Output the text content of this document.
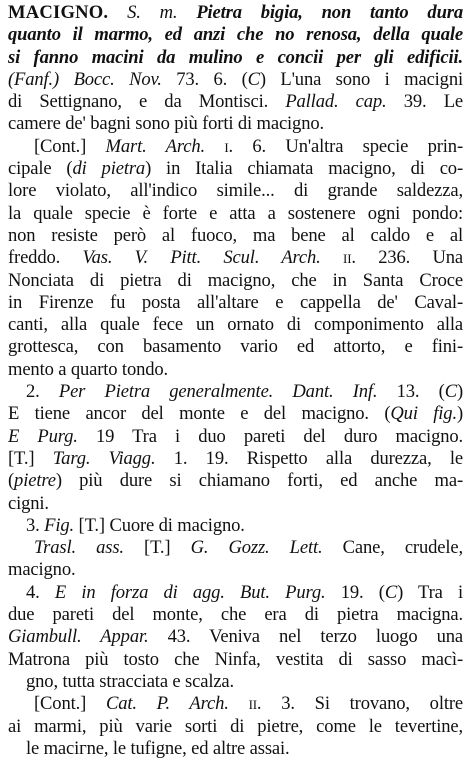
MACIGNO. S. m. Pietra bigia, non tanto dura
quanto il marmo, ed anzi che no renosa, della quale
si fanno macini da mulino e concii per gli edificii.
(Fanf.) Bocc. Nov. 73. 6. (C) L'una sono i macigni
di Settignano, e da Montisci. Pallad. cap. 39. Le
camere de' bagni sono più forti di macigno.
[Cont.] Mart. Arch. i. 6. Un'altra specie prin-
cipale (di pietra) in Italia chiamata macigno, di co-
lore violato, all'indico simile... di grande saldezza,
la quale specie è forte e atta a sostenere ogni pondo:
non resiste però al fuoco, ma bene al caldo e al
freddo. Vas. V. Pitt. Scul. Arch. ii. 236. Una
Nonciata di pietra di macigno, che in Santa Croce
in Firenze fu posta all'altare e cappella de' Caval-
canti, alla quale fece un ornato di componimento alla
grottesca, con basamento vario ed attorto, e fini-
mento a quarto tondo.
2. Per Pietra generalmente. Dant. Inf. 13. (C)
E tiene ancor del monte e del macigno. (Qui fig.)
E Purg. 19 Tra i duo pareti del duro macigno.
[T.] Targ. Viagg. 1. 19. Rispetto alla durezza, le
(pietre) più dure si chiamano forti, ed anche ma-
cigni.
3. Fig. [T.] Cuore di macigno.
Trasl. ass. [T.] G. Gozz. Lett. Cane, crudele,
macigno.
4. E in forza di agg. But. Purg. 19. (C) Tra i
due pareti del monte, che era di pietra macigna.
Giambull. Appar. 43. Veniva nel terzo luogo una
Matrona più tosto che Ninfa, vestita di sasso macì-
gno, tutta stracciata e scalza.
[Cont.] Cat. P. Arch. ii. 3. Si trovano, oltre
ai marmi, più varie sorti di pietre, come le tevertine,
le maciгne, le tufigne, ed altre assai.
